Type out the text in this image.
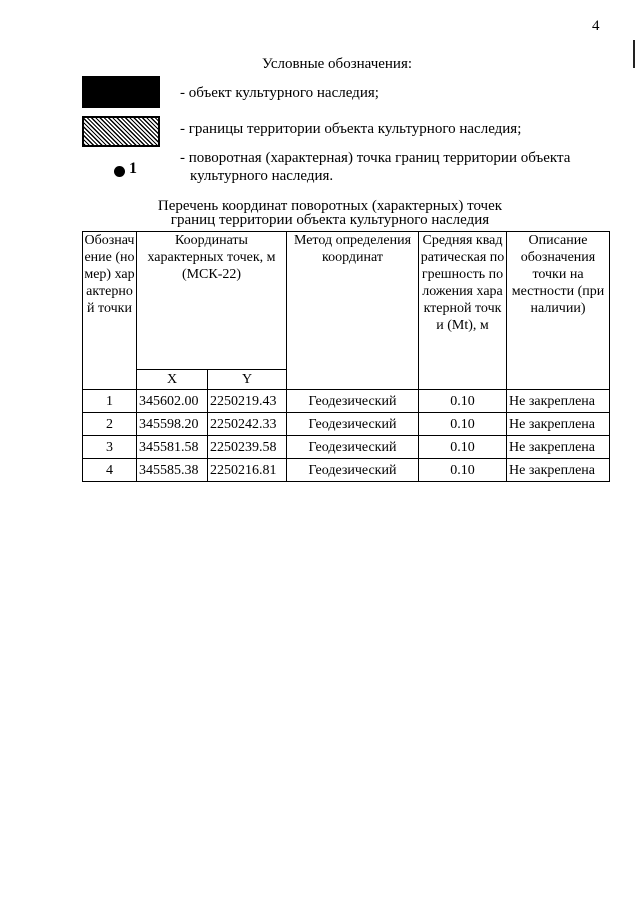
4
Условные обозначения:
- объект культурного наследия;
- границы территории объекта культурного наследия;
1
- поворотная (характерная) точка границ территории объекта
культурного наследия.
Перечень координат поворотных (характерных) точек
границ территории объекта культурного наследия
Обозначение (номер) характерной точки	Координаты характерных точек, м (МСК-22)		Метод определения координат	Средняя квадратическая погрешность положения характерной точки (Mt), м	Описание обозначения точки на местности (при наличии)
	X	Y			
1	345602.00	2250219.43	Геодезический	0.10	Не закреплена
2	345598.20	2250242.33	Геодезический	0.10	Не закреплена
3	345581.58	2250239.58	Геодезический	0.10	Не закреплена
4	345585.38	2250216.81	Геодезический	0.10	Не закреплена
